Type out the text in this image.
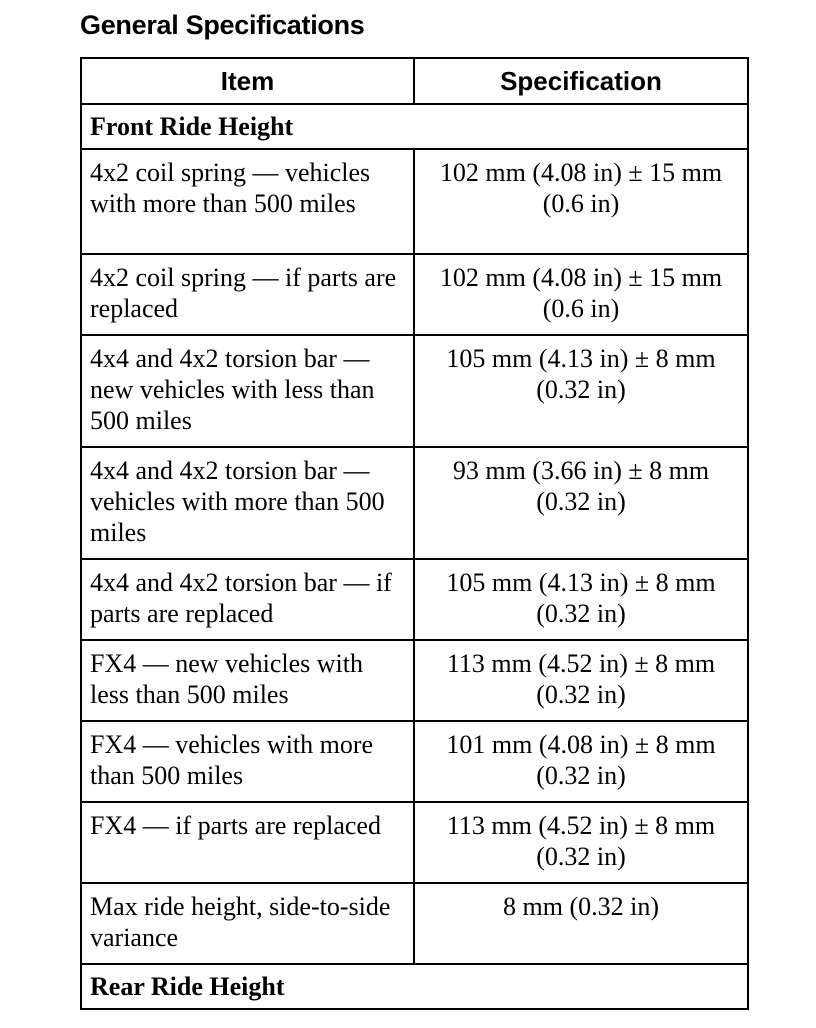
General Specifications
Item	Specification
Front Ride Height	
4x2 coil spring — vehicles with more than 500 miles	102 mm (4.08 in) ± 15 mm (0.6 in)
4x2 coil spring — if parts are replaced	102 mm (4.08 in) ± 15 mm (0.6 in)
4x4 and 4x2 torsion bar — new vehicles with less than 500 miles	105 mm (4.13 in) ± 8 mm (0.32 in)
4x4 and 4x2 torsion bar — vehicles with more than 500 miles	93 mm (3.66 in) ± 8 mm (0.32 in)
4x4 and 4x2 torsion bar — if parts are replaced	105 mm (4.13 in) ± 8 mm (0.32 in)
FX4 — new vehicles with less than 500 miles	113 mm (4.52 in) ± 8 mm (0.32 in)
FX4 — vehicles with more than 500 miles	101 mm (4.08 in) ± 8 mm (0.32 in)
FX4 — if parts are replaced	113 mm (4.52 in) ± 8 mm (0.32 in)
Max ride height, side-to-side variance	8 mm (0.32 in)
Rear Ride Height	
